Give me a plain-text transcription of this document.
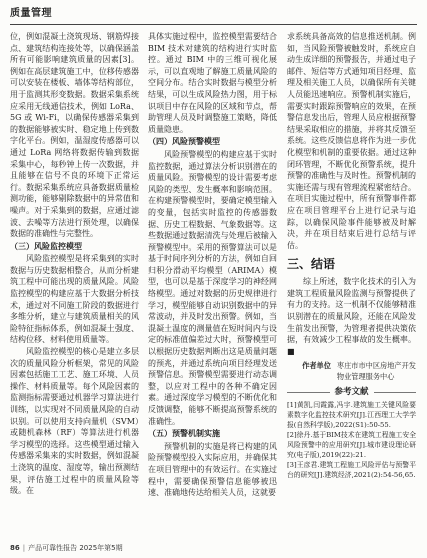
质量管理

位，例如混凝土浇筑现场、钢筋焊接点、建筑结构连接处等，以确保涵盖所有可能影响建筑质量的因素[3]。例如在高层建筑施工中，位移传感器可以安装在楼板、墙体等结构部位，用于监测其形变数据。数据采集系统应采用无线通信技术，例如 LoRa、5G 或 Wi-Fi，以确保传感器采集到的数据能够被实时、稳定地上传到数字化平台。例如，温湿度传感器可以通过 LoRa 网络将数据传输到数据采集中心，每秒钟上传一次数据，并且能够在信号不良的环境下正常运行。数据采集系统应具备数据质量检测功能，能够剔除数据中的异常值和噪声。对于采集到的数据，应通过滤波、去噪等方法进行预处理，以确保数据的准确性与完整性。

（三）风险监控模型

风险监控模型是将采集到的实时数据与历史数据相整合，从而分析建筑工程中可能出现的质量风险。风险监控模型的构建应基于大数据分析技术，通过对不同施工阶段的数据进行多维分析，建立与建筑质量相关的风险特征指标体系，例如混凝土强度、结构位移、材料使用质量等。

风险监控模型的核心是建立多层次的质量风险分析框架，常见的风险因素包括施工工艺、施工环境、人员操作、材料质量等。每个风险因素的监测指标需要通过机器学习算法进行训练，以实现对不同质量风险的自动识别。可以使用支持向量机（SVM）或随机森林（RF）等算法进行机器学习模型的选择。这些模型通过输入传感器采集来的实时数据，例如混凝土浇筑的温度、湿度等，输出预测结果，评估施工过程中的质量风险等级。在

具体实施过程中，监控模型需要结合 BIM 技术对建筑的结构进行实时监控。通过 BIM 中的三维可视化展示，可以直观地了解施工质量风险的空间分布。结合实时数据与模型分析结果，可以生成风险热力图，用于标识项目中存在风险的区域和节点，帮助管理人员及时调整施工策略，降低质量隐患。

（四）风险预警模型

风险预警模型的构建应基于实时监控数据，通过算法分析识别潜在的质量风险。预警模型的设计需要考虑风险的类型、发生概率和影响范围。在构建预警模型时，要确定模型输入的变量，包括实时监控的传感器数据、历史工程数据、气象数据等。这些数据通过数据清洗与处理后被输入预警模型中。采用的预警算法可以是基于时间序列分析的方法，例如自回归积分滑动平均模型（ARIMA）模型，也可以是基于深度学习的神经网络模型。通过对数据的历史规律进行学习，模型能够自动识别数据中的异常波动，并及时发出预警。例如，当混凝土温度的测量值在短时间内与设定的标准值偏差过大时，预警模型可以根据历史数据判断出这是质量问题的预兆，并通过系统向项目经理发送预警信息。预警模型需要进行动态调整，以应对工程中的各种不确定因素。通过深度学习模型的不断优化和反馈调整，能够不断提高预警系统的准确性。

（五）预警机制实施

预警机制的实施是将已构建的风险预警模型投入实际应用，并确保其在项目管理中的有效运行。在实施过程中，需要确保预警信息能够被迅速、准确地传达给相关人员，这就要

求系统具备高效的信息推送机制。例如，当风险预警被触发时，系统应自动生成详细的预警报告，并通过电子邮件、短信等方式通知项目经理、监理及相关施工人员，以确保所有关键人员能迅速响应。预警机制实施后，需要实时跟踪预警响应的效果，在预警信息发出后，管理人员应根据预警结果采取相应的措施，并将其反馈至系统。这些反馈信息将作为进一步优化模型和机制的重要依据。通过这种闭环管理，不断优化预警系统，提升预警的准确性与及时性。预警机制的实施还需与现有管理流程紧密结合。在项目实施过程中，所有预警事件都应在项目管理平台上进行记录与追踪，以确保风险事件能够被及时解决，并在项目结束后进行总结与评估。

三、结语

综上所述，数字化技术的引入为建筑工程质量风险监测与预警提供了有力的支持。这一机制不仅能够精准识别潜在的质量风险，还能在风险发生前发出预警，为管理者提供决策依据，有效减少工程事故的发生概率。■

作者单位 枣庄市市中区房地产开发
物业管理服务中心
参考文献

[1]黄凯,闫霞露,冯宇.建筑施工关键风险要素数字化监控技术研究[J].江西理工大学学报(自然科学版),2022(S1):50-55.

[2]徐丹.基于BIM技术在建筑工程施工安全风险预警中的应用研究[J].城市建设理论研究(电子版),2019(22):21.

[3]王彦君.建筑工程施工风险评估与预警平台的研究[J].建筑经济,2021(2):54-56,65.

86 | 产品可靠性报告 2025年第5期
